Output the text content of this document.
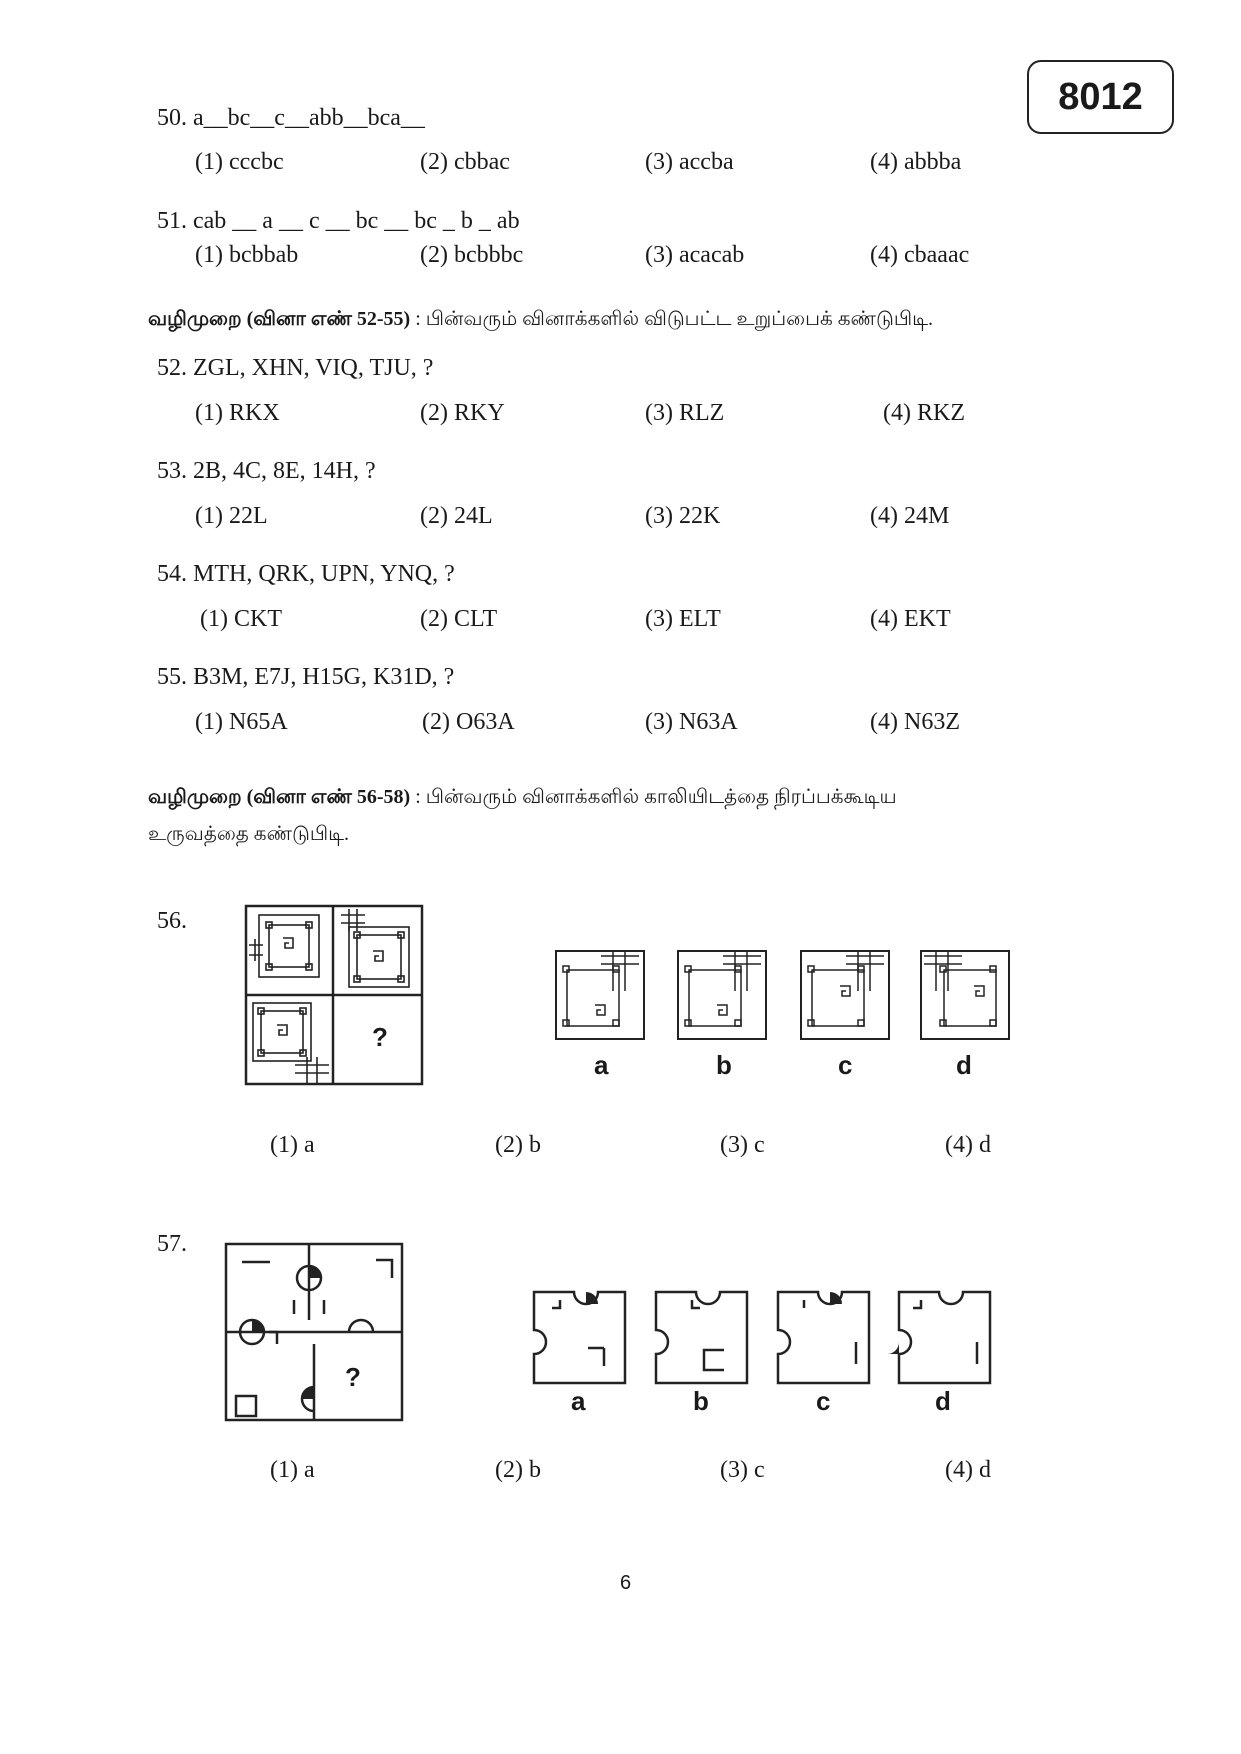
8012
50. a__bc__c__abb__bca__
(1) cccbc	(2) cbbac	(3) accba	(4) abbba
51. cab __ a __ c __ bc __ bc _ b _ ab
(1) bcbbab	(2) bcbbbc	(3) acacab	(4) cbaaac
வழிமுறை (வினா எண் 52-55) : பின்வரும் வினாக்களில் விடுபட்ட உறுப்பைக் கண்டுபிடி.
52. ZGL, XHN, VIQ, TJU, ?
(1) RKX	(2) RKY	(3) RLZ	(4) RKZ
53. 2B, 4C, 8E, 14H, ?
(1) 22L	(2) 24L	(3) 22K	(4) 24M
54. MTH, QRK, UPN, YNQ, ?
(1) CKT	(2) CLT	(3) ELT	(4) EKT
55. B3M, E7J, H15G, K31D, ?
(1) N65A	(2) O63A	(3) N63A	(4) N63Z
வழிமுறை (வினா எண் 56-58) : பின்வரும் வினாக்களில் காலியிடத்தை நிரப்பக்கூடிய
உருவத்தை கண்டுபிடி.
56.
?
a	b	c	d
(1) a	(2) b	(3) c	(4) d
57.
?
a	b	c	d
(1) a	(2) b	(3) c	(4) d
6
